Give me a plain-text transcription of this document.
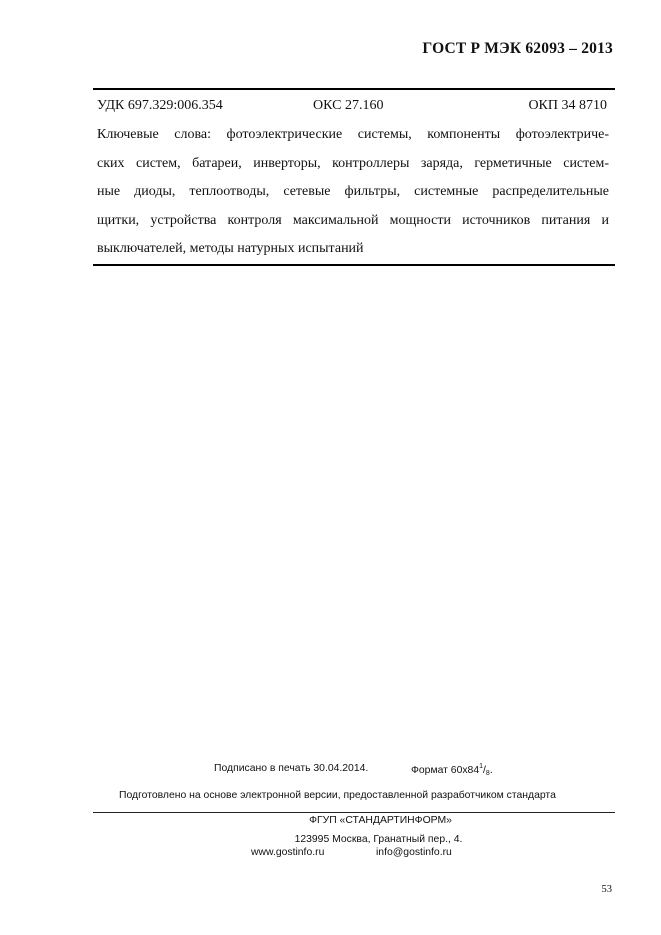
ГОСТ Р МЭК 62093 – 2013
УДК 697.329:006.354	ОКС 27.160	ОКП 34 8710
Ключевые слова: фотоэлектрические системы, компоненты фотоэлектриче-
ских систем, батареи, инверторы, контроллеры заряда, герметичные систем-
ные диоды, теплоотводы, сетевые фильтры, системные распределительные
щитки, устройства контроля максимальной мощности источников питания и
выключателей, методы натурных испытаний
Подписано в печать 30.04.2014.	Формат $60х84^1/_8$.
Подготовлено на основе электронной версии, предоставленной разработчиком стандарта
ФГУП «СТАНДАРТИНФОРМ»
123995 Москва, Гранатный пер., 4.
www.gostinfo.ru	info@gostinfo.ru
53
